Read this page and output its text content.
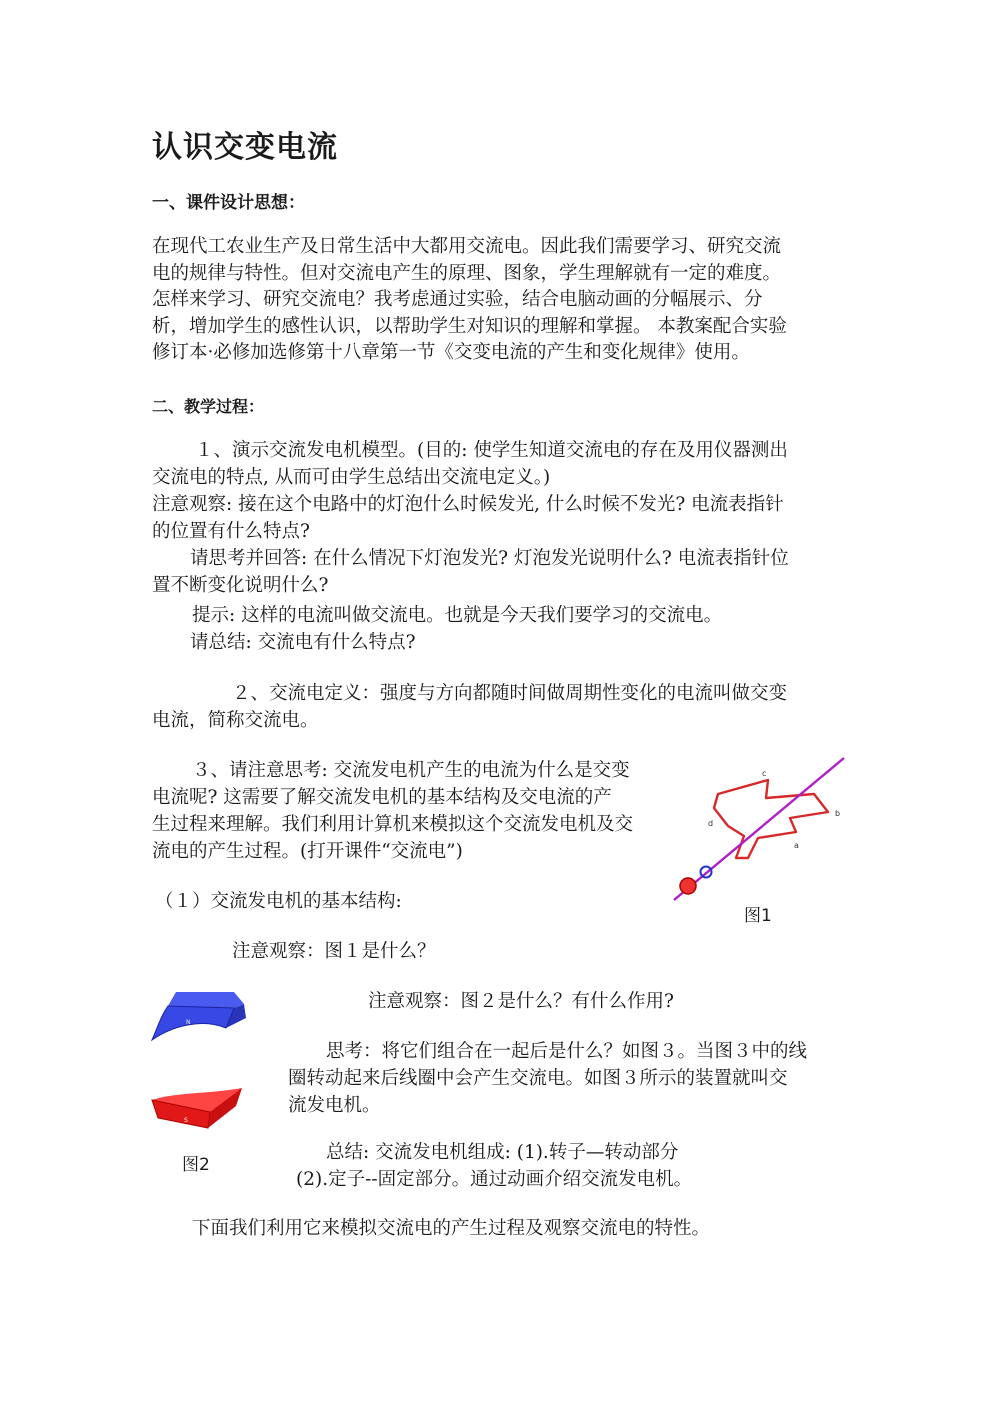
认识交变电流
一、课件设计思想：
在现代工农业生产及日常生活中大都用交流电。因此我们需要学习、研究交流
电的规律与特性。但对交流电产生的原理、图象，学生理解就有一定的难度。
怎样来学习、研究交流电？我考虑通过实验，结合电脑动画的分幅展示、分
析，增加学生的感性认识，以帮助学生对知识的理解和掌握。 本教案配合实验
修订本·必修加选修第十八章第一节《交变电流的产生和变化规律》使用。
二、教学过程：
１、演示交流发电机模型。(目的: 使学生知道交流电的存在及用仪器测出
交流电的特点, 从而可由学生总结出交流电定义。)
注意观察: 接在这个电路中的灯泡什么时候发光, 什么时候不发光? 电流表指针
的位置有什么特点?
请思考并回答: 在什么情况下灯泡发光? 灯泡发光说明什么? 电流表指针位
置不断变化说明什么?
提示: 这样的电流叫做交流电。也就是今天我们要学习的交流电。
请总结: 交流电有什么特点?
２、交流电定义：强度与方向都随时间做周期性变化的电流叫做交变
电流，简称交流电。
３、请注意思考: 交流发电机产生的电流为什么是交变
电流呢? 这需要了解交流发电机的基本结构及交电流的产
生过程来理解。我们利用计算机来模拟这个交流发电机及交
流电的产生过程。(打开课件“交流电”)
（１）交流发电机的基本结构:
注意观察：图１是什么？
注意观察：图２是什么？有什么作用?
思考：将它们组合在一起后是什么？如图３。当图３中的线
圈转动起来后线圈中会产生交流电。如图３所示的装置就叫交
流发电机。
总结: 交流发电机组成: (1).转子—转动部分
(2).定子--固定部分。通过动画介绍交流发电机。
下面我们利用它来模拟交流电的产生过程及观察交流电的特性。
c
b
d
a
图1
N
S
图2
